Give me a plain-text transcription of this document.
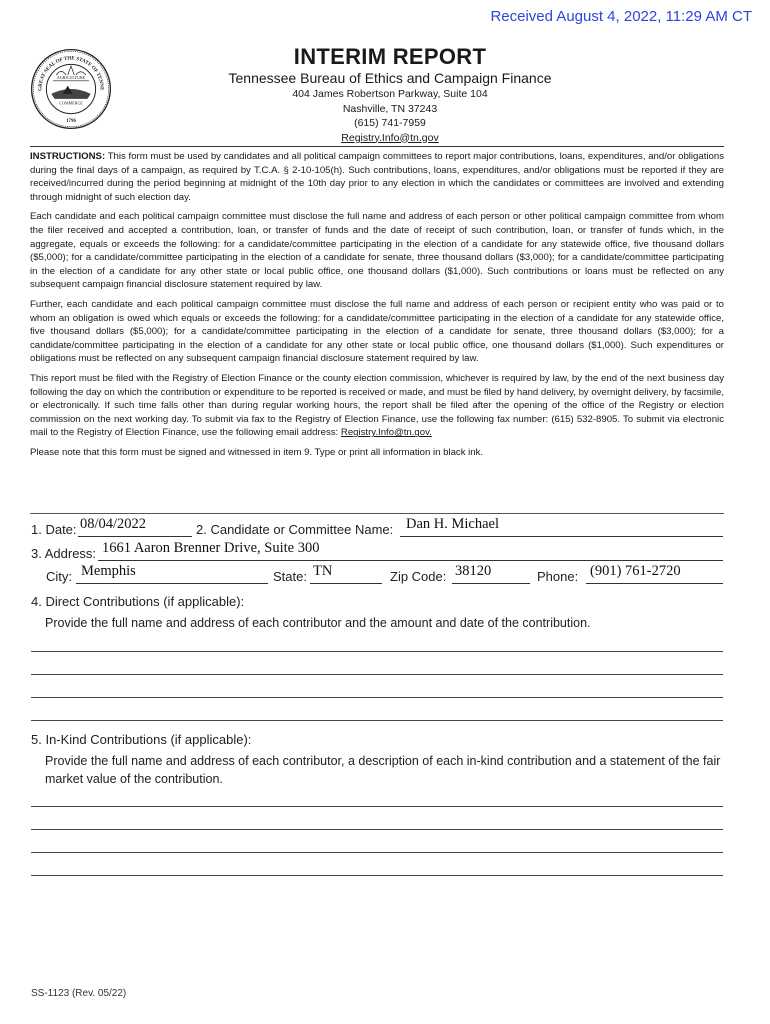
Received August 4, 2022, 11:29 AM CT
GREAT SEAL OF THE STATE OF TENNE
AGRICULTURE
COMMERCE
1796
INTERIM REPORT
Tennessee Bureau of Ethics and Campaign Finance
404 James Robertson Parkway, Suite 104
Nashville, TN 37243
(615) 741-7959
Registry.Info@tn.gov

INSTRUCTIONS: This form must be used by candidates and all political campaign committees to report major contributions, loans, expenditures, and/or obligations during the final days of a campaign, as required by T.C.A. § 2-10-105(h). Such contributions, loans, expenditures, and/or obligations must be reported if they are received/incurred during the period beginning at midnight of the 10th day prior to any election in which the candidates or committees are involved and extending through midnight of such election day.

Each candidate and each political campaign committee must disclose the full name and address of each person or other political campaign committee from whom the filer received and accepted a contribution, loan, or transfer of funds and the date of receipt of such contribution, loan, or transfer of funds which, in the aggregate, equals or exceeds the following: for a candidate/committee participating in the election of a candidate for any statewide office, five thousand dollars ($5,000); for a candidate/committee participating in the election of a candidate for senate, three thousand dollars ($3,000); for a candidate/committee participating in the election of a candidate for any other state or local public office, one thousand dollars ($1,000). Such contributions or loans must be reflected on any subsequent campaign financial disclosure statement required by law.

Further, each candidate and each political campaign committee must disclose the full name and address of each person or recipient entity who was paid or to whom an obligation is owed which equals or exceeds the following: for a candidate/committee participating in the election of a candidate for any statewide office, five thousand dollars ($5,000); for a candidate/committee participating in the election of a candidate for senate, three thousand dollars ($3,000); for a candidate/committee participating in the election of a candidate for any other state or local public office, one thousand dollars ($1,000). Such expenditures or obligations must be reflected on any subsequent campaign financial disclosure statement required by law.

This report must be filed with the Registry of Election Finance or the county election commission, whichever is required by law, by the end of the next business day following the day on which the contribution or expenditure to be reported is received or made, and must be filed by hand delivery, by overnight delivery, by facsimile, or electronically. If such time falls other than during regular working hours, the report shall be filed after the opening of the office of the Registry or election commission on the next working day. To submit via fax to the Registry of Election Finance, use the following fax number: (615) 532-8905. To submit via electronic mail to the Registry of Election Finance, use the following email address: Registry.Info@tn.gov.

Please note that this form must be signed and witnessed in item 9. Type or print all information in black ink.

1. Date: 08/04/2022	2. Candidate or Committee Name: Dan H. Michael
3. Address: 1661 Aaron Brenner Drive, Suite 300
City: Memphis	State: TN	Zip Code: 38120	Phone: (901) 761-2720
4. Direct Contributions (if applicable):
Provide the full name and address of each contributor and the amount and date of the contribution.
5. In-Kind Contributions (if applicable):
Provide the full name and address of each contributor, a description of each in-kind contribution and a statement of the fair market value of the contribution.
SS-1123 (Rev. 05/22)
